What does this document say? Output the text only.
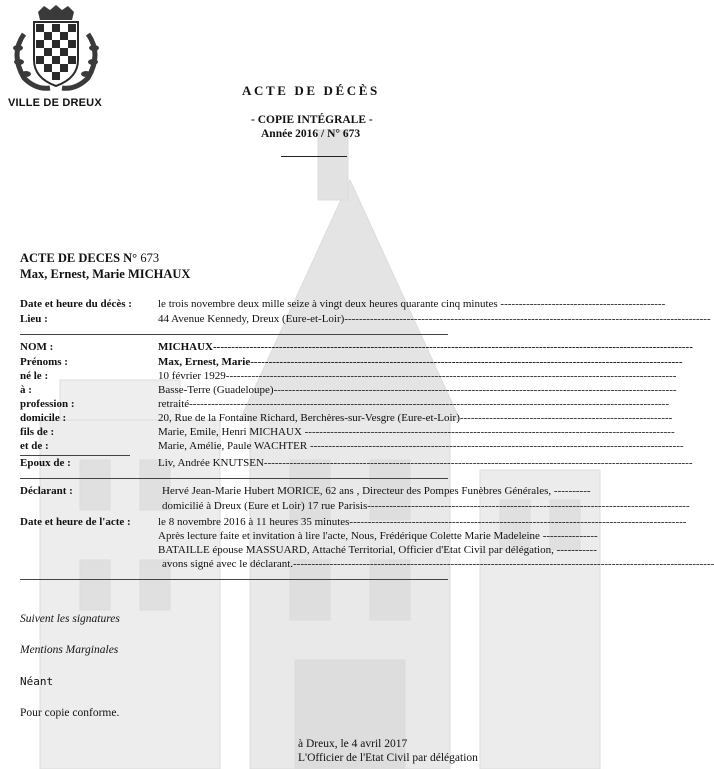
VILLE DE DREUX
ACTE DE DÉCÈS
- COPIE INTÉGRALE -
Année 2016 / N° 673
ACTE DE DECES N° 673
Max, Ernest, Marie MICHAUX
Date et heure du décès : le trois novembre deux mille seize à vingt deux heures quarante cinq minutes ---------------------------------------------
Lieu :	44 Avenue Kennedy, Dreux (Eure-et-Loir)----------------------------------------------------------------------------------------------------
NOM :	MICHAUX-----------------------------------------------------------------------------------------------------------------------------------
Prénoms :	Max, Ernest, Marie----------------------------------------------------------------------------------------------------------------------
né le :	10 février 1929---------------------------------------------------------------------------------------------------------------------------
à :	Basse-Terre (Guadeloupe)--------------------------------------------------------------------------------------------------------------
profession :	retraité-----------------------------------------------------------------------------------------------------------------------------------
domicile :	20, Rue de la Fontaine Richard, Berchères-sur-Vesgre (Eure-et-Loir)----------------------------------------------------------
fils de :	Marie, Emile, Henri MICHAUX -----------------------------------------------------------------------------------------------------
et de :	Marie, Amélie, Paule WACHTER ------------------------------------------------------------------------------------------------------
Epoux de :	Liv, Andrée KNUTSEN---------------------------------------------------------------------------------------------------------------------
Déclarant :	Hervé Jean-Marie Hubert MORICE, 62 ans , Directeur des Pompes Funèbres Générales, ----------
domicilié à Dreux (Eure et Loir) 17 rue Parisis----------------------------------------------------------------------------------------
Date et heure de l'acte : le 8 novembre 2016 à 11 heures 35 minutes--------------------------------------------------------------------------------------------
Après lecture faite et invitation à lire l'acte, Nous, Frédérique Colette Marie Madeleine ---------------
BATAILLE épouse MASSUARD, Attaché Territorial, Officier d'Etat Civil par délégation, -----------
avons signé avec le déclarant.-------------------------------------------------------------------------------------------------------------------
Suivent les signatures
Mentions Marginales
Néant
Pour copie conforme.
à Dreux, le 4 avril 2017
L'Officier de l'Etat Civil par délégation
